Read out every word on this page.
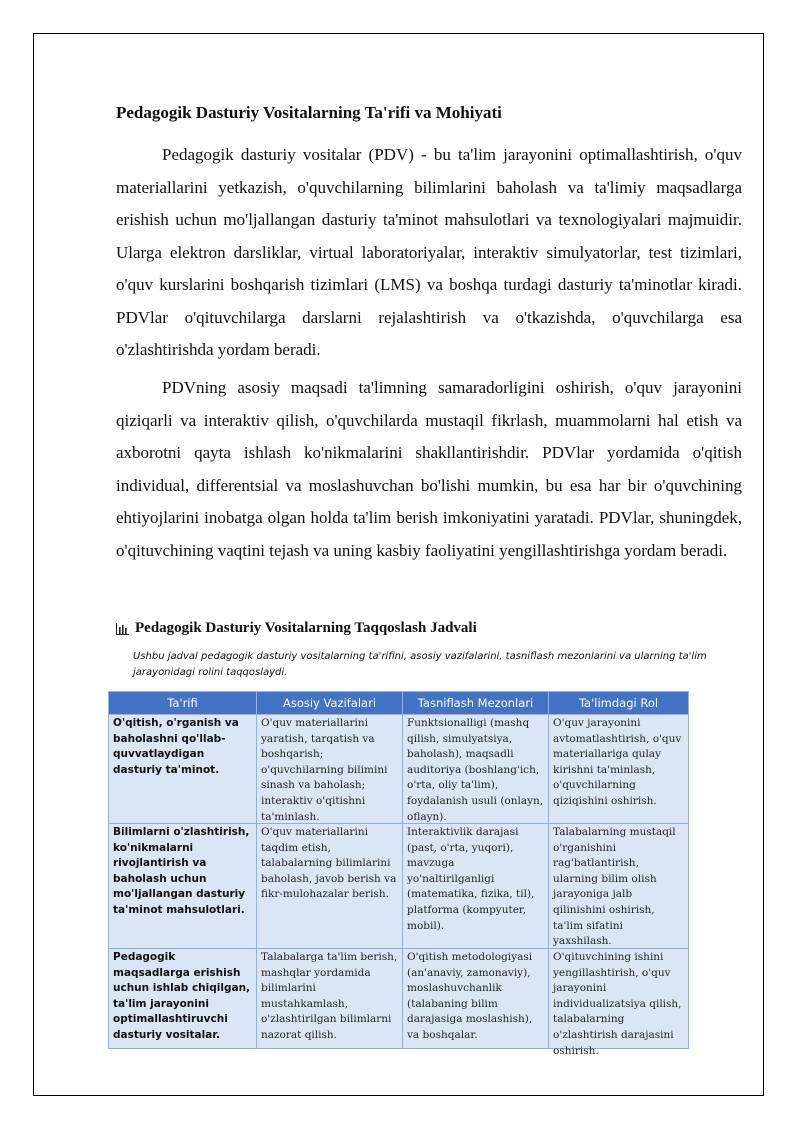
Pedagogik Dasturiy Vositalarning Ta'rifi va Mohiyati

Pedagogik dasturiy vositalar (PDV) - bu ta'lim jarayonini optimallashtirish, o'quv materiallarini yetkazish, o'quvchilarning bilimlarini baholash va ta'limiy maqsadlarga erishish uchun mo'ljallangan dasturiy ta'minot mahsulotlari va texnologiyalari majmuidir. Ularga elektron darsliklar, virtual laboratoriyalar, interaktiv simulyatorlar, test tizimlari, o'quv kurslarini boshqarish tizimlari (LMS) va boshqa turdagi dasturiy ta'minotlar kiradi. PDVlar o'qituvchilarga darslarni rejalashtirish va o'tkazishda, o'quvchilarga esa o'zlashtirishda yordam beradi.

PDVning asosiy maqsadi ta'limning samaradorligini oshirish, o'quv jarayonini qiziqarli va interaktiv qilish, o'quvchilarda mustaqil fikrlash, muammolarni hal etish va axborotni qayta ishlash ko'nikmalarini shakllantirishdir. PDVlar yordamida o'qitish individual, differentsial va moslashuvchan bo'lishi mumkin, bu esa har bir o'quvchining ehtiyojlarini inobatga olgan holda ta'lim berish imkoniyatini yaratadi. PDVlar, shuningdek, o'qituvchining vaqtini tejash va uning kasbiy faoliyatini yengillashtirishga yordam beradi.

Pedagogik Dasturiy Vositalarning Taqqoslash Jadvali
Ushbu jadval pedagogik dasturiy vositalarning ta'rifini, asosiy vazifalarini, tasniflash mezonlarini va ularning ta'lim jarayonidagi rolini taqqoslaydi.
Ta'rifi	Asosiy Vazifalari	Tasniflash Mezonlari	Ta'limdagi Rol

O'qitish, o'rganish va baholashni qo'llab-quvvatlaydigan dasturiy ta'minot.	O'quv materiallarini yaratish, tarqatish va boshqarish; o'quvchilarning bilimini sinash va baholash; interaktiv o'qitishni ta'minlash.	Funktsionalligi (mashq qilish, simulyatsiya, baholash), maqsadli auditoriya (boshlang'ich, o'rta, oliy ta'lim), foydalanish usuli (onlayn, oflayn).	O'quv jarayonini avtomatlashtirish, o'quv materiallariga qulay kirishni ta'minlash, o'quvchilarning qiziqishini oshirish.

Bilimlarni o'zlashtirish, ko'nikmalarni rivojlantirish va baholash uchun mo'ljallangan dasturiy ta'minot mahsulotlari.	O'quv materiallarini taqdim etish, talabalarning bilimlarini baholash, javob berish va fikr-mulohazalar berish.	Interaktivlik darajasi (past, o'rta, yuqori), mavzuga yo'naltirilganligi (matematika, fizika, til), platforma (kompyuter, mobil).	Talabalarning mustaqil o'rganishini rag'batlantirish, ularning bilim olish jarayoniga jalb qilinishini oshirish, ta'lim sifatini yaxshilash.

Pedagogik maqsadlarga erishish uchun ishlab chiqilgan, ta'lim jarayonini optimallashtiruvchi dasturiy vositalar.	Talabalarga ta'lim berish, mashqlar yordamida bilimlarini mustahkamlash, o'zlashtirilgan bilimlarni nazorat qilish.	O'qitish metodologiyasi (an'anaviy, zamonaviy), moslashuvchanlik (talabaning bilim darajasiga moslashish), va boshqalar.	O'qituvchining ishini yengillashtirish, o'quv jarayonini individualizatsiya qilish, talabalarning o'zlashtirish darajasini oshirish.
